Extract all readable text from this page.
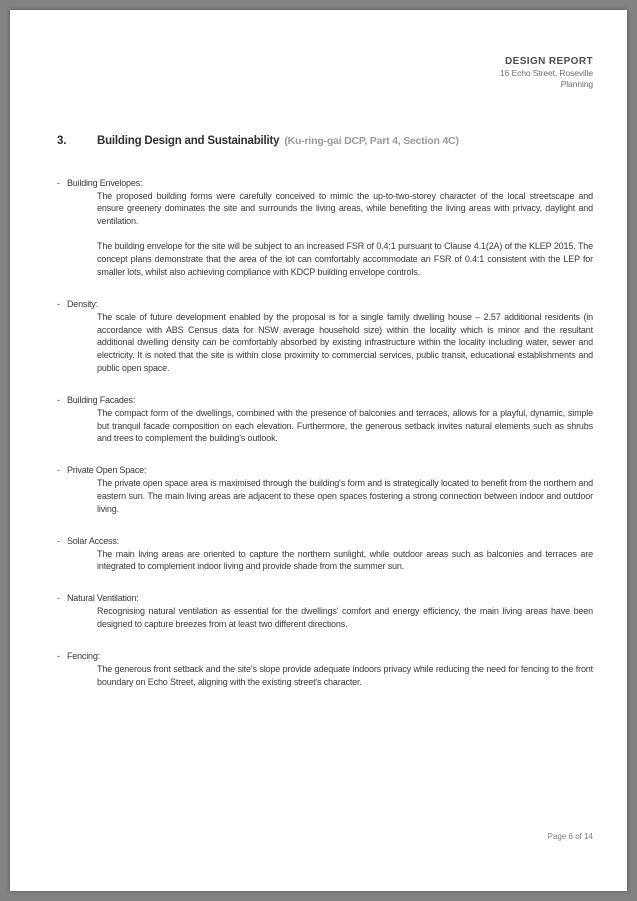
DESIGN REPORT
16 Echo Street, Roseville
Planning
3.	Building Design and Sustainability (Ku-ring-gai DCP, Part 4, Section 4C)
- Building Envelopes:
The proposed building forms were carefully conceived to mimic the up-to-two-storey character of the local streetscape and ensure greenery dominates the site and surrounds the living areas, while benefiting the living areas with privacy, daylight and ventilation.
The building envelope for the site will be subject to an increased FSR of 0.4:1 pursuant to Clause 4.1(2A) of the KLEP 2015. The concept plans demonstrate that the area of the lot can comfortably accommodate an FSR of 0.4:1 consistent with the LEP for smaller lots, whilst also achieving compliance with KDCP building envelope controls.
- Density:
The scale of future development enabled by the proposal is for a single family dwelling house – 2.57 additional residents (in accordance with ABS Census data for NSW average household size) within the locality which is minor and the resultant additional dwelling density can be comfortably absorbed by existing infrastructure within the locality including water, sewer and electricity. It is noted that the site is within close proximity to commercial services, public transit, educational establishments and public open space.
- Building Facades:
The compact form of the dwellings, combined with the presence of balconies and terraces, allows for a playful, dynamic, simple but tranquil facade composition on each elevation. Furthermore, the generous setback invites natural elements such as shrubs and trees to complement the building's outlook.
- Private Open Space:
The private open space area is maximised through the building's form and is strategically located to benefit from the northern and eastern sun. The main living areas are adjacent to these open spaces fostering a strong connection between indoor and outdoor living.
- Solar Access:
The main living areas are oriented to capture the northern sunlight, while outdoor areas such as balconies and terraces are integrated to complement indoor living and provide shade from the summer sun.
- Natural Ventilation:
Recognising natural ventilation as essential for the dwellings' comfort and energy efficiency, the main living areas have been designed to capture breezes from at least two different directions.
- Fencing:
The generous front setback and the site's slope provide adequate indoors privacy while reducing the need for fencing to the front boundary on Echo Street, aligning with the existing street's character.
Page 6 of 14
